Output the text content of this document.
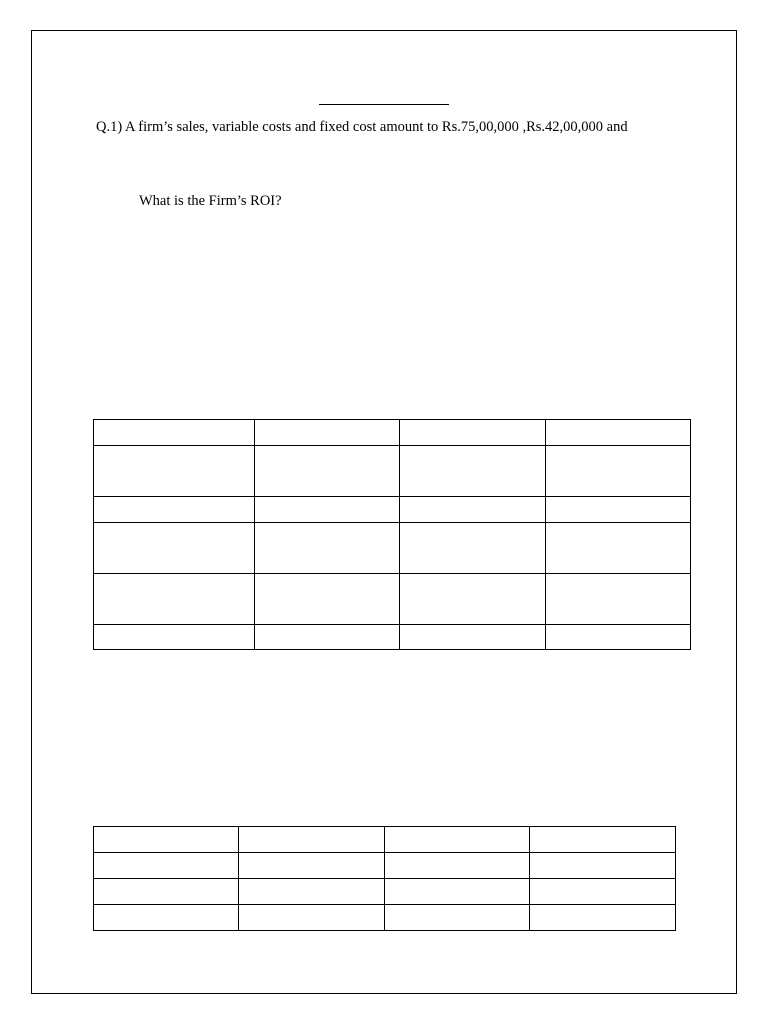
Q.1) A firm’s sales, variable costs and fixed cost amount to Rs.75,00,000 ,Rs.42,00,000 and
What is the Firm’s ROI?
